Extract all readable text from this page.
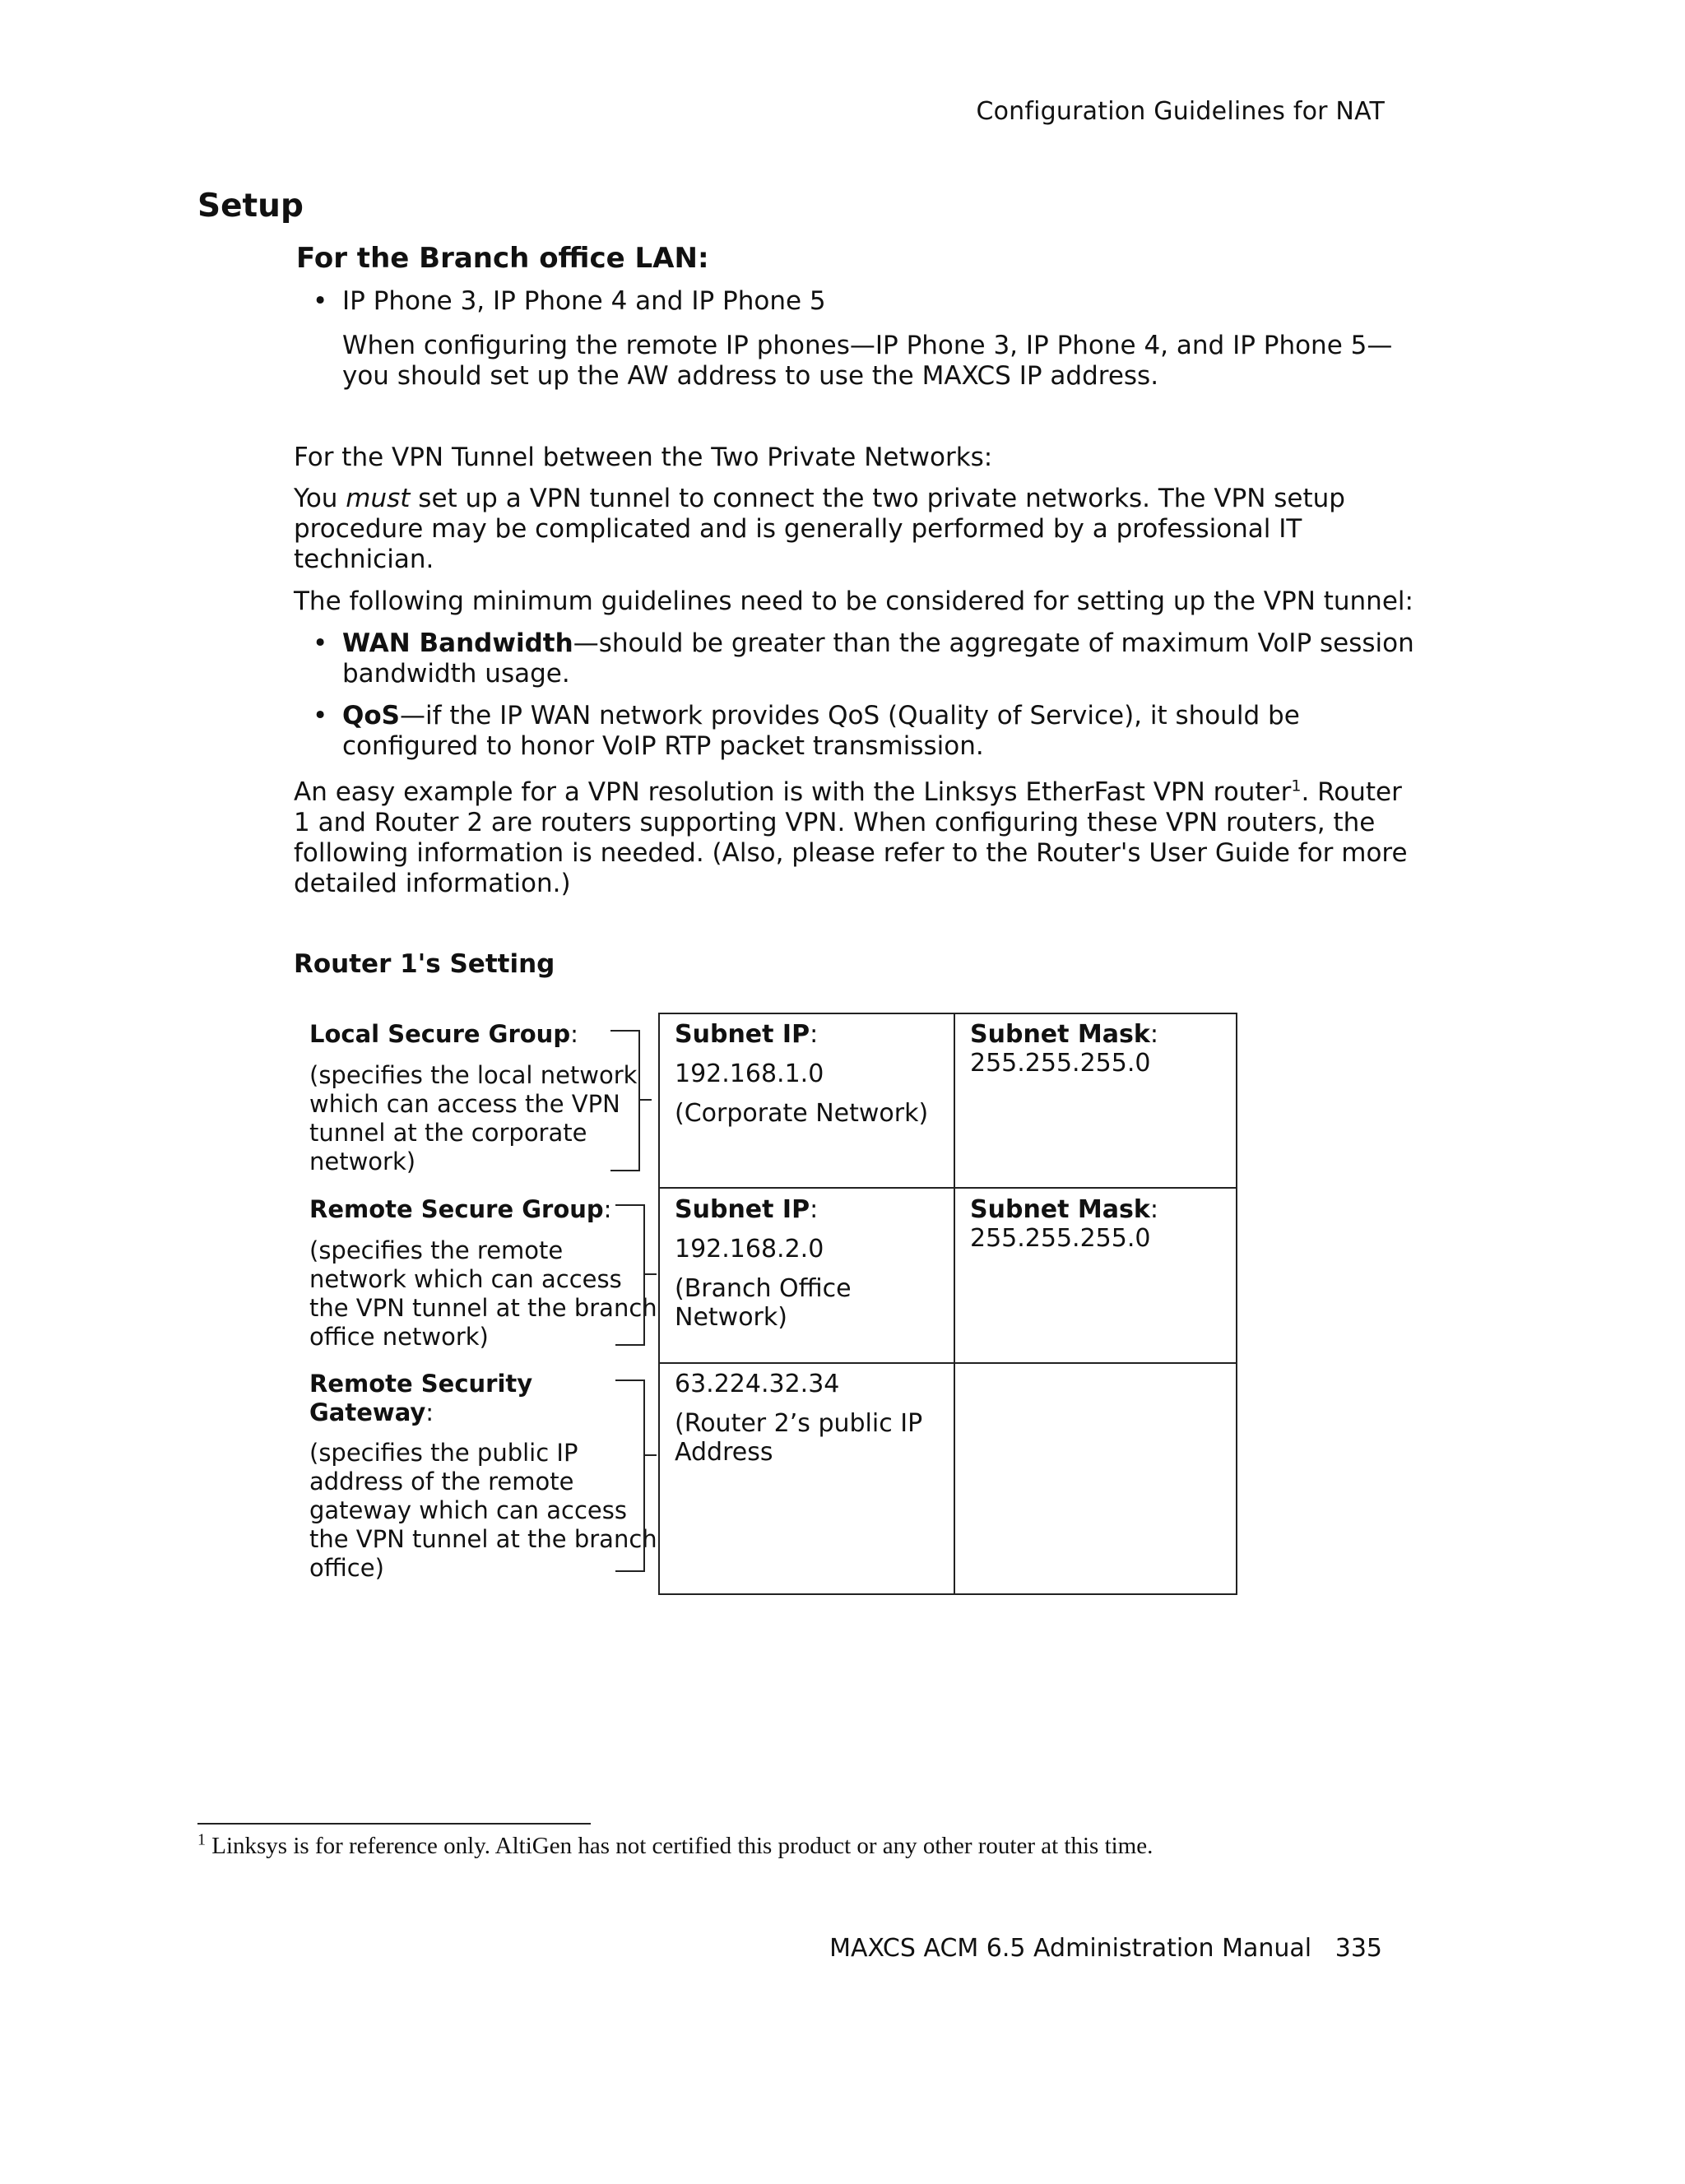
Configuration Guidelines for NAT
Setup
For the Branch office LAN:
• IP Phone 3, IP Phone 4 and IP Phone 5
When configuring the remote IP phones—IP Phone 3, IP Phone 4, and IP Phone 5—
you should set up the AW address to use the MAXCS IP address.
For the VPN Tunnel between the Two Private Networks:
You must set up a VPN tunnel to connect the two private networks. The VPN setup
procedure may be complicated and is generally performed by a professional IT
technician.
The following minimum guidelines need to be considered for setting up the VPN tunnel:
• WAN Bandwidth—should be greater than the aggregate of maximum VoIP session
bandwidth usage.
• QoS—if the IP WAN network provides QoS (Quality of Service), it should be
configured to honor VoIP RTP packet transmission.
An easy example for a VPN resolution is with the Linksys EtherFast VPN router$^1$. Router
1 and Router 2 are routers supporting VPN. When configuring these VPN routers, the
following information is needed. (Also, please refer to the Router's User Guide for more
detailed information.)
Router 1's Setting
Local Secure Group:
(specifies the local network
which can access the VPN
tunnel at the corporate
network)
Subnet IP:
192.168.1.0
(Corporate Network)
Subnet Mask:
255.255.255.0
Remote Secure Group:
(specifies the remote
network which can access
the VPN tunnel at the branch
office network)
Subnet IP:
192.168.2.0
(Branch Office
Network)
Subnet Mask:
255.255.255.0
Remote Security
Gateway:
(specifies the public IP
address of the remote
gateway which can access
the VPN tunnel at the branch
office)
63.224.32.34
(Router 2’s public IP
Address
$^1$ Linksys is for reference only. AltiGen has not certified this product or any other router at this time.
MAXCS ACM 6.5 Administration Manual 335
